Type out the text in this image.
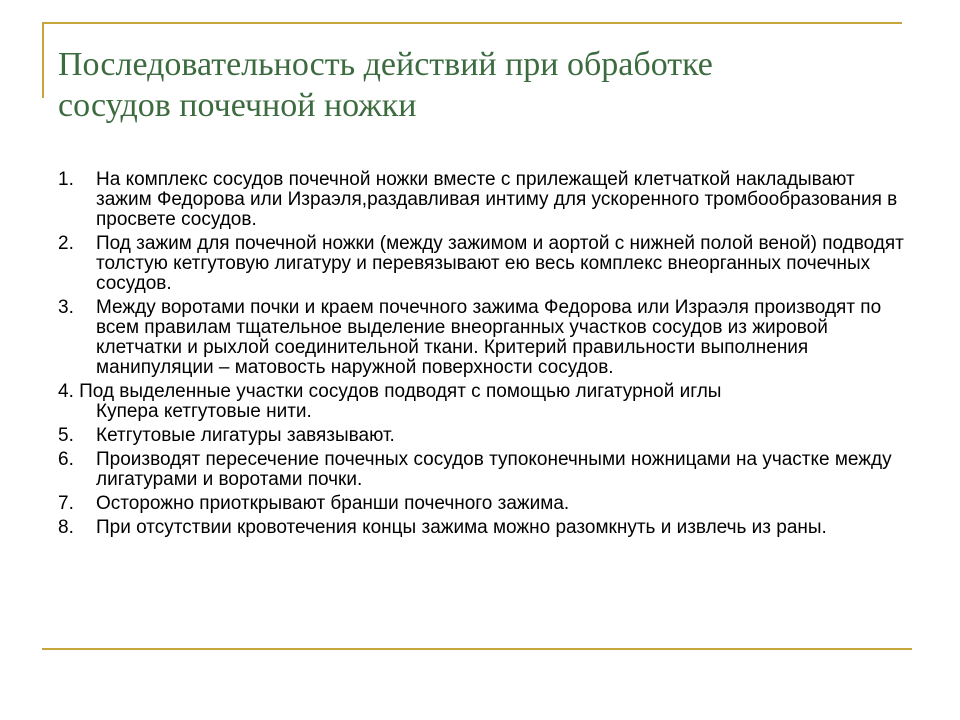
Последовательность действий при обработке
сосудов почечной ножки
1. На комплекс сосудов почечной ножки вместе с прилежащей клетчаткой накладывают зажим Федорова или Израэля,раздавливая интиму для ускоренного тромбообразования в просвете сосудов.
2. Под зажим для почечной ножки (между зажимом и аортой с нижней полой веной) подводят толстую кетгутовую лигатуру и перевязывают ею весь комплекс внеорганных почечных сосудов.
3. Между воротами почки и краем почечного зажима Федорова или Израэля производят по всем правилам тщательное выделение внеорганных участков сосудов из жировой клетчатки и рыхлой соединительной ткани. Критерий правильности выполнения манипуляции – матовость наружной поверхности сосудов.
4. Под выделенные участки сосудов подводят с помощью лигатурной иглы
Купера кетгутовые нити.
5. Кетгутовые лигатуры завязывают.
6. Производят пересечение почечных сосудов тупоконечными ножницами на участке между лигатурами и воротами почки.
7. Осторожно приоткрывают бранши почечного зажима.
8. При отсутствии кровотечения концы зажима можно разомкнуть и извлечь из раны.
